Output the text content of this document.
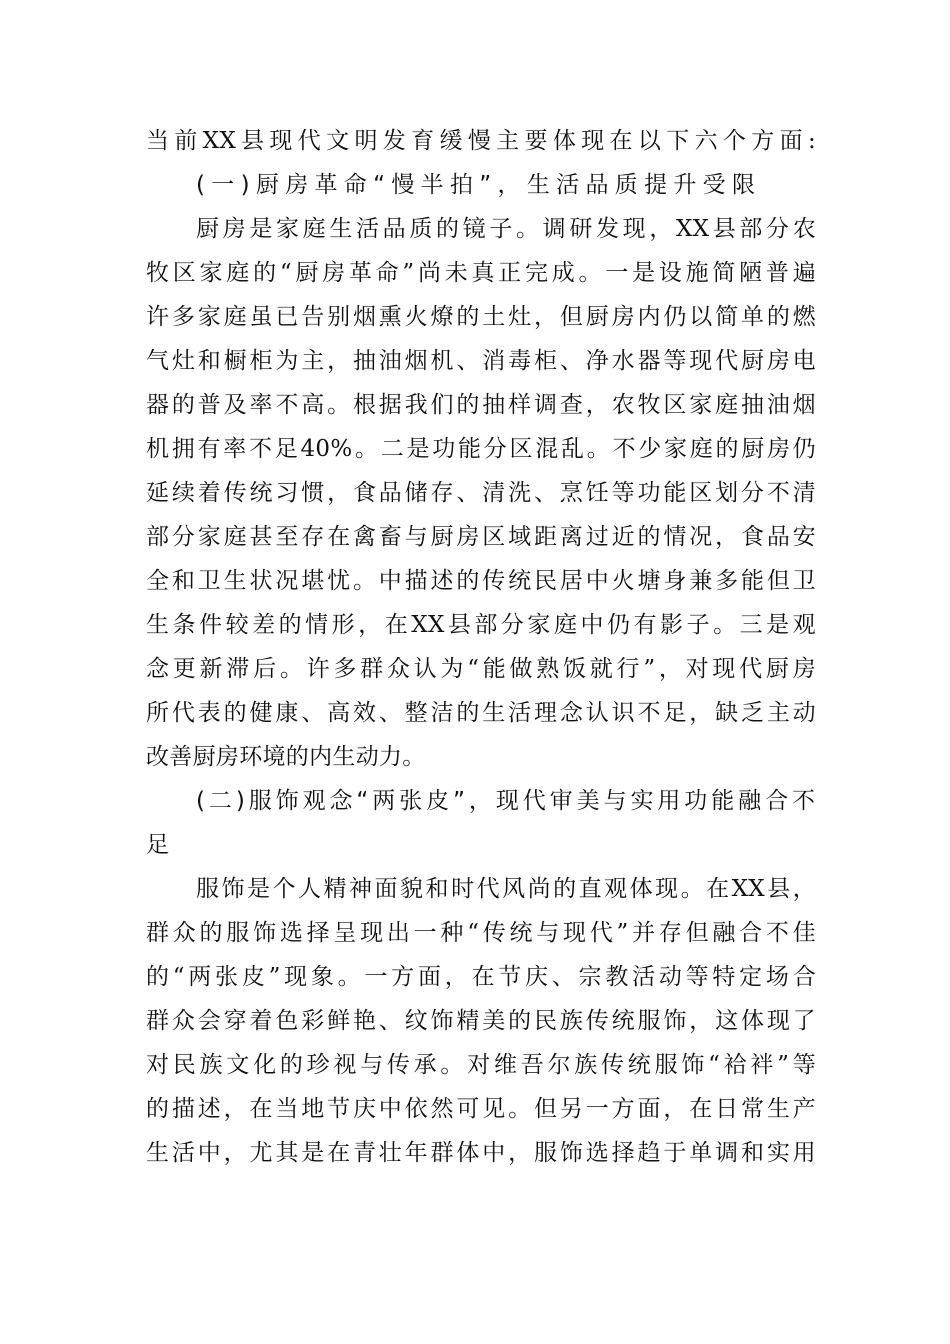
当前XX县现代文明发育缓慢主要体现在以下六个方面:
(一)厨房革命“慢半拍”，生活品质提升受限
厨房是家庭生活品质的镜子。调研发现，XX县部分农
牧区家庭的“厨房革命”尚未真正完成。一是设施简陋普遍
许多家庭虽已告别烟熏火燎的土灶，但厨房内仍以简单的燃
气灶和橱柜为主，抽油烟机、消毒柜、净水器等现代厨房电
器的普及率不高。根据我们的抽样调查，农牧区家庭抽油烟
机拥有率不足40%。二是功能分区混乱。不少家庭的厨房仍
延续着传统习惯，食品储存、清洗、烹饪等功能区划分不清
部分家庭甚至存在禽畜与厨房区域距离过近的情况，食品安
全和卫生状况堪忧。中描述的传统民居中火塘身兼多能但卫
生条件较差的情形，在XX县部分家庭中仍有影子。三是观
念更新滞后。许多群众认为“能做熟饭就行”，对现代厨房
所代表的健康、高效、整洁的生活理念认识不足，缺乏主动
改善厨房环境的内生动力。
(二)服饰观念“两张皮”，现代审美与实用功能融合不
足
服饰是个人精神面貌和时代风尚的直观体现。在XX县，
群众的服饰选择呈现出一种“传统与现代”并存但融合不佳
的“两张皮”现象。一方面，在节庆、宗教活动等特定场合
群众会穿着色彩鲜艳、纹饰精美的民族传统服饰，这体现了
对民族文化的珍视与传承。对维吾尔族传统服饰“袷袢”等
的描述，在当地节庆中依然可见。但另一方面，在日常生产
生活中，尤其是在青壮年群体中，服饰选择趋于单调和实用
